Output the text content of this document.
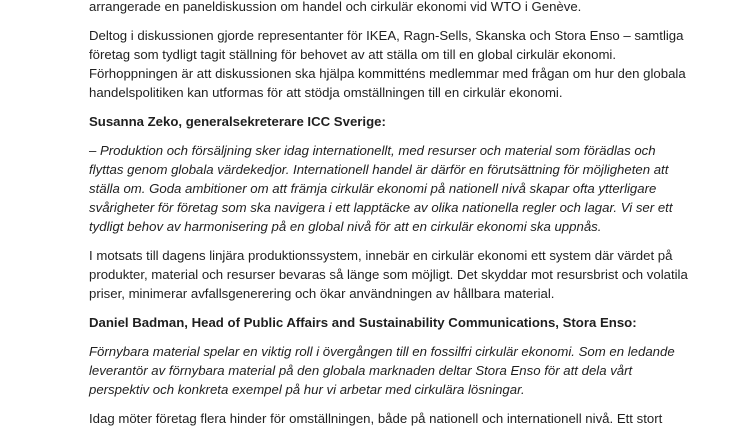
arrangerade en paneldiskussion om handel och cirkulär ekonomi vid WTO i Genève.

Deltog i diskussionen gjorde representanter för IKEA, Ragn-Sells, Skanska och Stora Enso – samtliga företag som tydligt tagit ställning för behovet av att ställa om till en global cirkulär ekonomi. Förhoppningen är att diskussionen ska hjälpa kommitténs medlemmar med frågan om hur den globala handelspolitiken kan utformas för att stödja omställningen till en cirkulär ekonomi.

Susanna Zeko, generalsekreterare ICC Sverige:

– Produktion och försäljning sker idag internationellt, med resurser och material som förädlas och flyttas genom globala värdekedjor. Internationell handel är därför en förutsättning för möjligheten att ställa om. Goda ambitioner om att främja cirkulär ekonomi på nationell nivå skapar ofta ytterligare svårigheter för företag som ska navigera i ett lapptäcke av olika nationella regler och lagar. Vi ser ett tydligt behov av harmonisering på en global nivå för att en cirkulär ekonomi ska uppnås.

I motsats till dagens linjära produktionssystem, innebär en cirkulär ekonomi ett system där värdet på produkter, material och resurser bevaras så länge som möjligt. Det skyddar mot resursbrist och volatila priser, minimerar avfallsgenerering och ökar användningen av hållbara material.

Daniel Badman, Head of Public Affairs and Sustainability Communications, Stora Enso:

Förnybara material spelar en viktig roll i övergången till en fossilfri cirkulär ekonomi. Som en ledande leverantör av förnybara material på den globala marknaden deltar Stora Enso för att dela vårt perspektiv och konkreta exempel på hur vi arbetar med cirkulära lösningar.

Idag möter företag flera hinder för omställningen, både på nationell och internationell nivå. Ett stort
